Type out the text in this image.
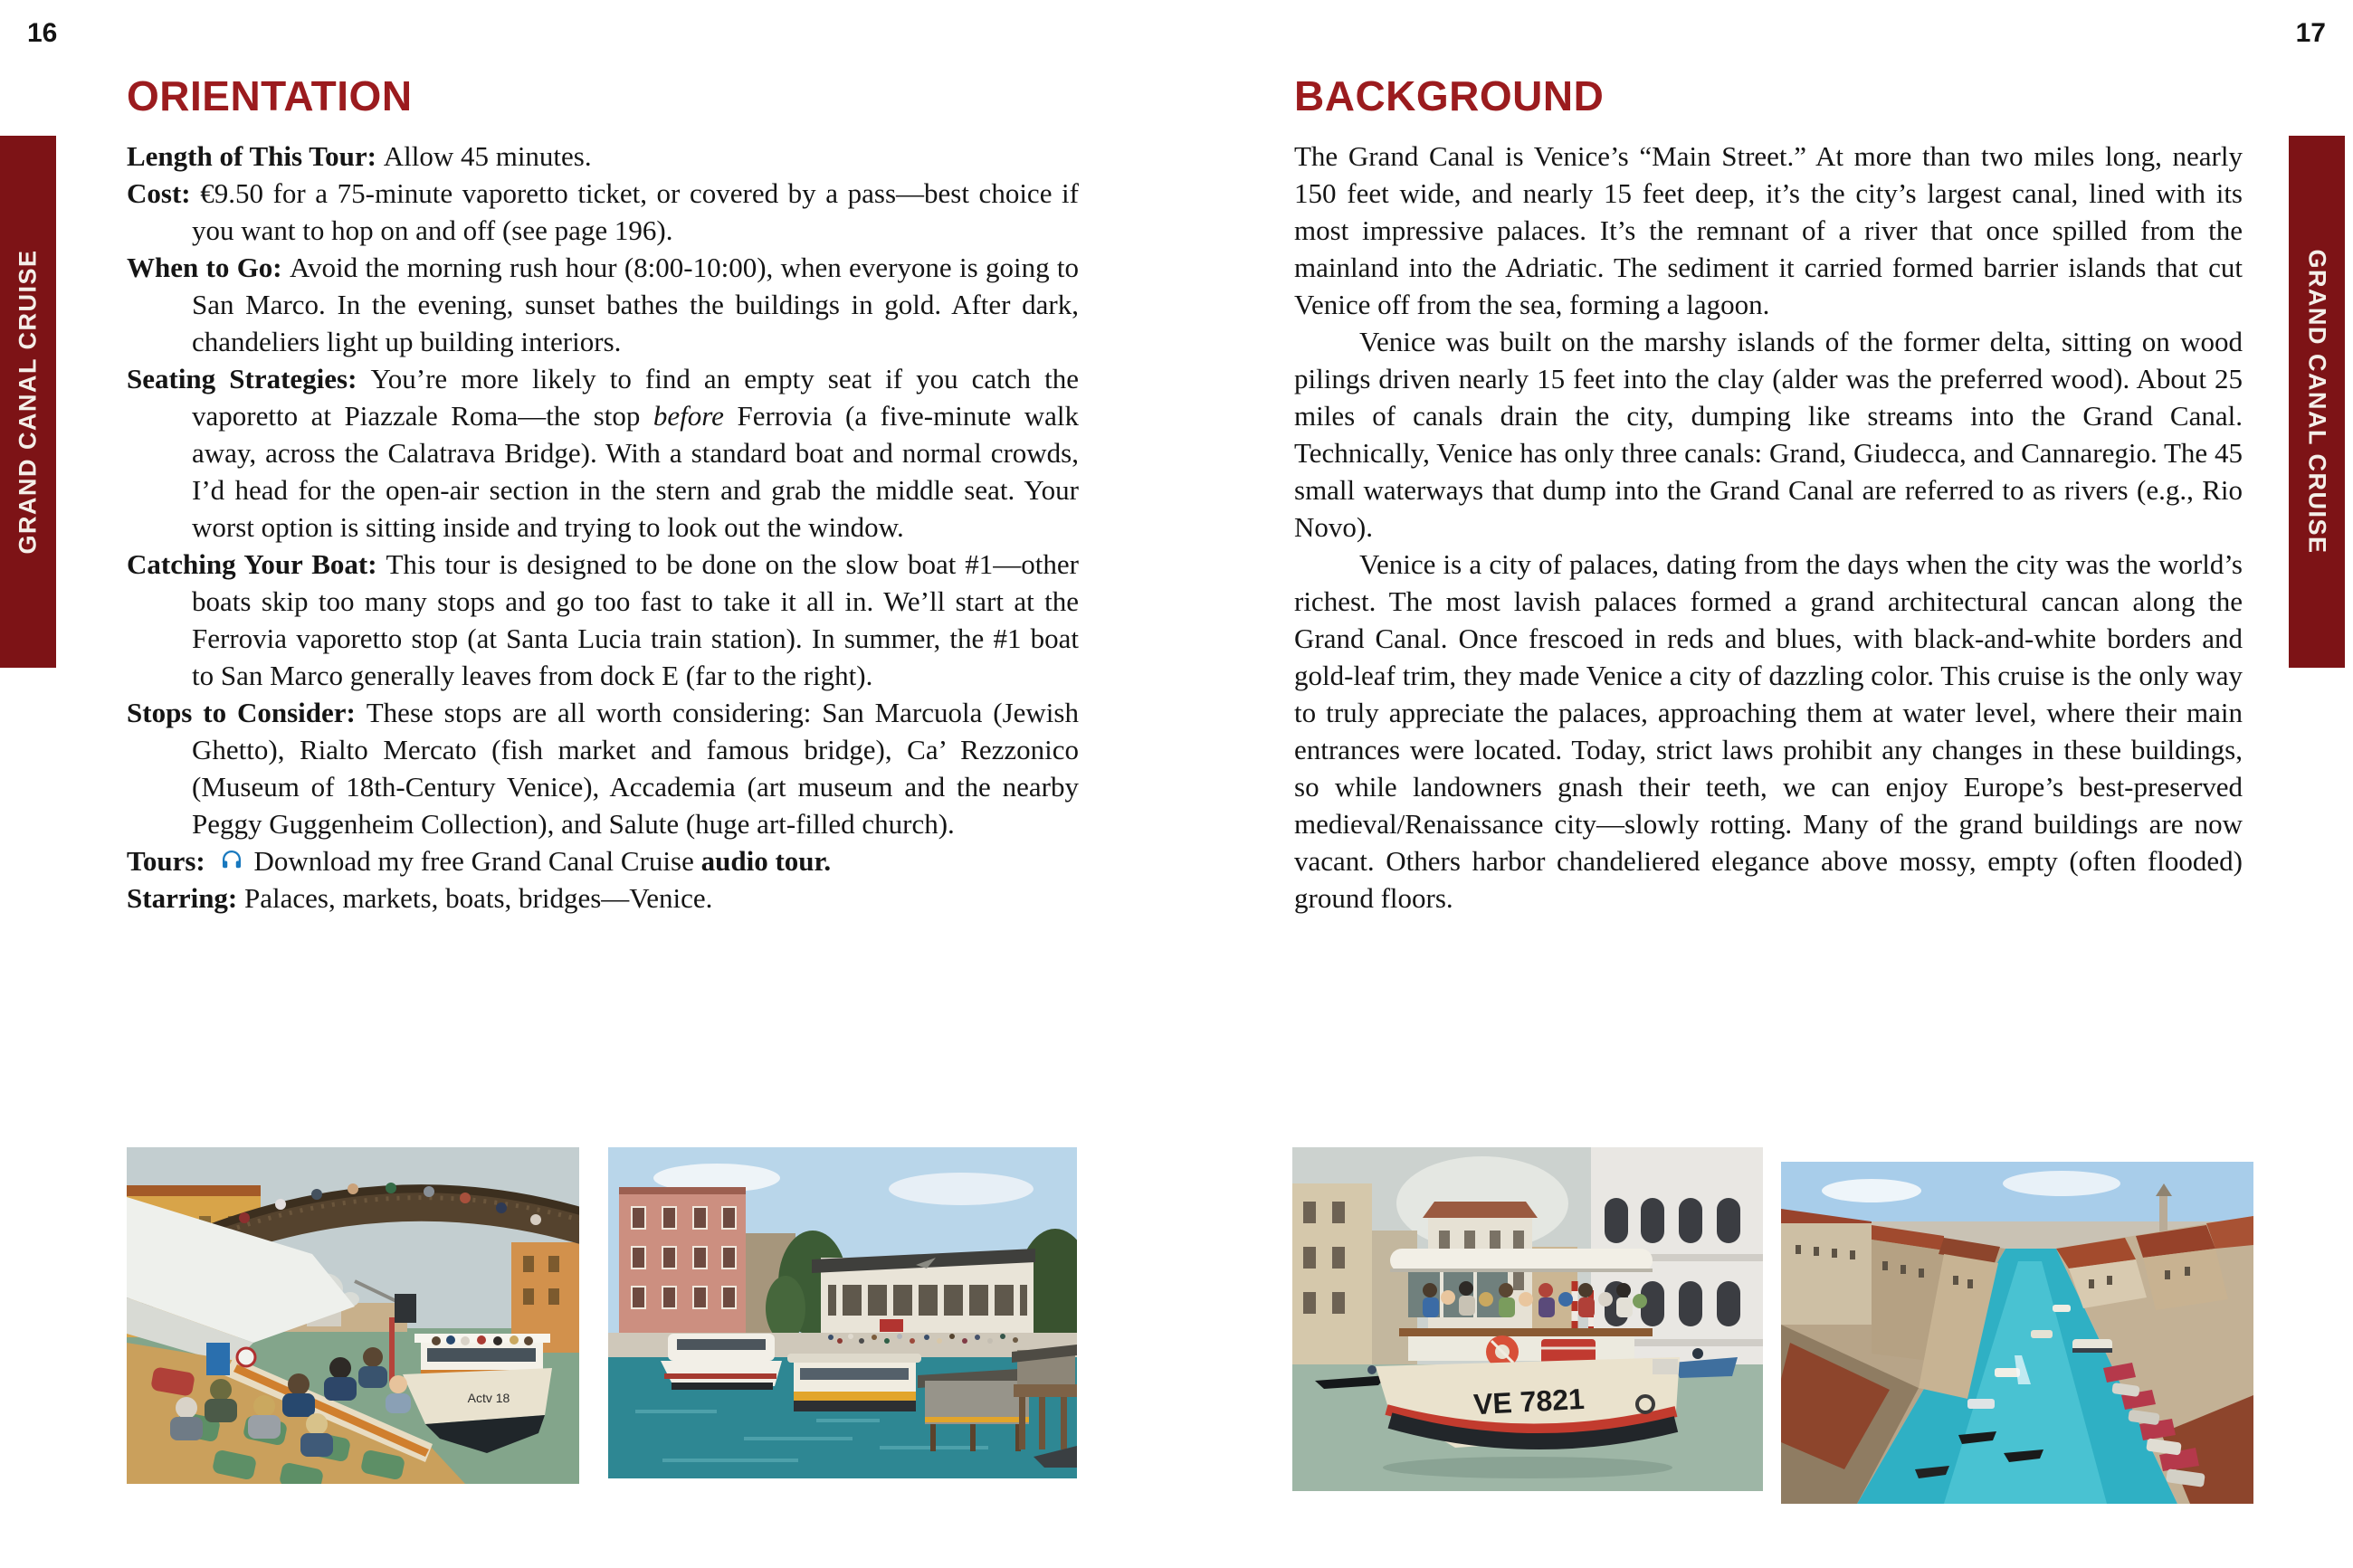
16	17
GRAND CANAL CRUISE	GRAND CANAL CRUISE
ORIENTATION	BACKGROUND
Length of This Tour: Allow 45 minutes.
Cost: €9.50 for a 75-minute vaporetto ticket, or covered by a pass—best choice if you want to hop on and off (see page 196).
When to Go: Avoid the morning rush hour (8:00-10:00), when everyone is going to San Marco. In the evening, sunset bathes the buildings in gold. After dark, chandeliers light up building interiors.
Seating Strategies: You’re more likely to find an empty seat if you catch the vaporetto at Piazzale Roma—the stop before Ferrovia (a five-minute walk away, across the Calatrava Bridge). With a standard boat and normal crowds, I’d head for the open-air section in the stern and grab the middle seat. Your worst option is sitting inside and trying to look out the window.
Catching Your Boat: This tour is designed to be done on the slow boat #1—other boats skip too many stops and go too fast to take it all in. We’ll start at the Ferrovia vaporetto stop (at Santa Lucia train station). In summer, the #1 boat to San Marco generally leaves from dock E (far to the right).
Stops to Consider: These stops are all worth considering: San Marcuola (Jewish Ghetto), Rialto Mercato (fish market and famous bridge), Ca’ Rezzonico (Museum of 18th-Century Venice), Accademia (art museum and the nearby Peggy Guggenheim Collection), and Salute (huge art-filled church).
Tours: Download my free Grand Canal Cruise audio tour.
Starring: Palaces, markets, boats, bridges—Venice.

The Grand Canal is Venice’s “Main Street.” At more than two miles long, nearly 150 feet wide, and nearly 15 feet deep, it’s the city’s largest canal, lined with its most impressive palaces. It’s the remnant of a river that once spilled from the mainland into the Adriatic. The sediment it carried formed barrier islands that cut Venice off from the sea, forming a lagoon.

Venice was built on the marshy islands of the former delta, sitting on wood pilings driven nearly 15 feet into the clay (alder was the preferred wood). About 25 miles of canals drain the city, dumping like streams into the Grand Canal. Technically, Venice has only three canals: Grand, Giudecca, and Cannaregio. The 45 small waterways that dump into the Grand Canal are referred to as rivers (e.g., Rio Novo).

Venice is a city of palaces, dating from the days when the city was the world’s richest. The most lavish palaces formed a grand architectural cancan along the Grand Canal. Once frescoed in reds and blues, with black-and-white borders and gold-leaf trim, they made Venice a city of dazzling color. This cruise is the only way to truly appreciate the palaces, approaching them at water level, where their main entrances were located. Today, strict laws prohibit any changes in these buildings, so while landowners gnash their teeth, we can enjoy Europe’s best-preserved medieval/Renaissance city—slowly rotting. Many of the grand buildings are now vacant. Others harbor chandeliered elegance above mossy, empty (often flooded) ground floors.

Actv 18	VE 7821
